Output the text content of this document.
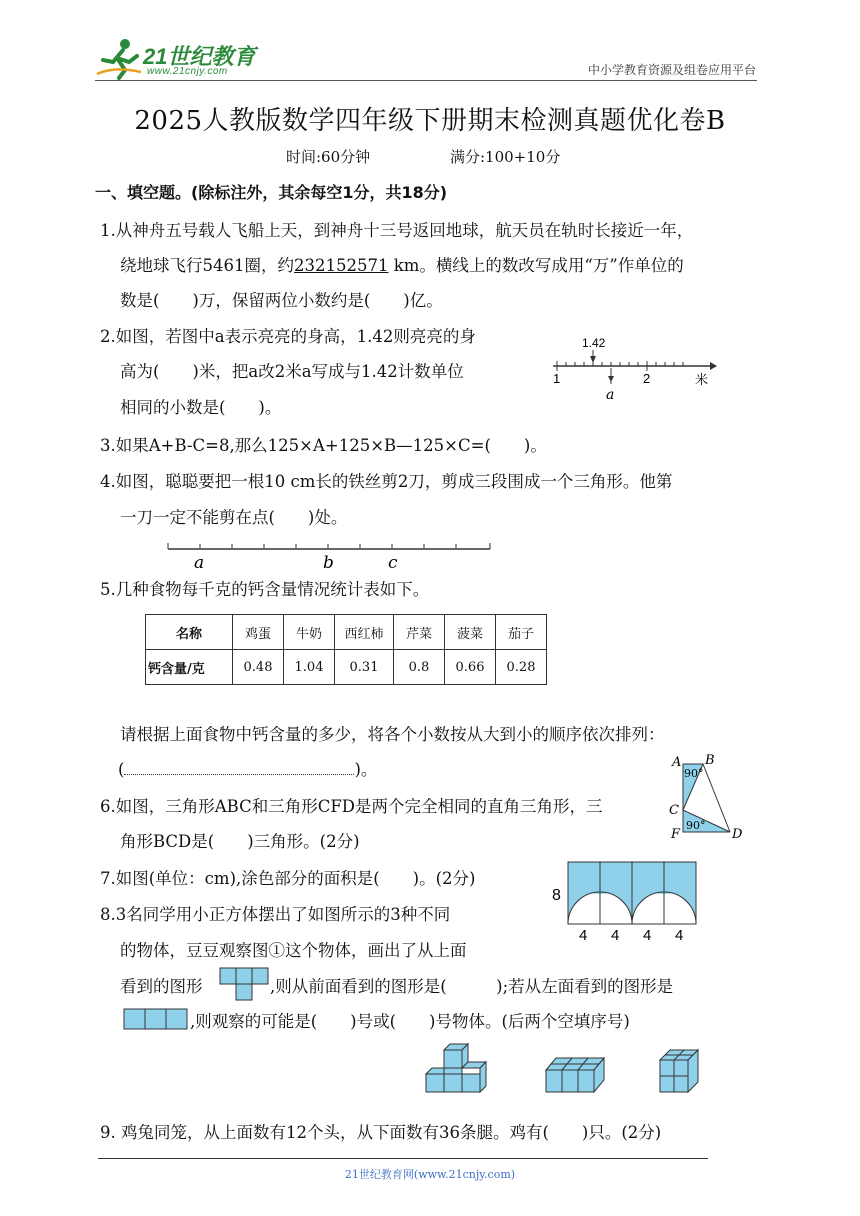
21世纪教育
www.21cnjy.com	中小学教育资源及组卷应用平台
2025人教版数学四年级下册期末检测真题优化卷B
时间:60分钟	满分:100+10分
一、填空题。(除标注外，其余每空1分，共18分)
1.从神舟五号载人飞船上天，到神舟十三号返回地球，航天员在轨时长接近一年，
绕地球飞行5461圈，约232152571 km。横线上的数改写成用“万”作单位的
数是(　　)万，保留两位小数约是(　　)亿。
2.如图，若图中a表示亮亮的身高，1.42则亮亮的身
高为(　　)米，把a改2米a写成与1.42计数单位
相同的小数是(　　)。
1.42
1	2	米
a
3.如果A+B-C=8,那么125×A+125×B—125×C=(　　)。
4.如图，聪聪要把一根10 cm长的铁丝剪2刀，剪成三段围成一个三角形。他第
一刀一定不能剪在点(　　)处。
a	b	c
5.几种食物每千克的钙含量情况统计表如下。
名称	鸡蛋	牛奶	西红柿	芹菜	菠菜	茄子
钙含量/克	0.48	1.04	0.31	0.8	0.66	0.28
请根据上面食物中钙含量的多少，将各个小数按从大到小的顺序依次排列：
(	)。
6.如图，三角形ABC和三角形CFD是两个完全相同的直角三角形，三
角形BCD是(　　)三角形。(2分)
A B
C
F	D
90°
90°
7.如图(单位：cm),涂色部分的面积是(　　)。(2分)
8
4 4 4 4
8.3名同学用小正方体摆出了如图所示的3种不同
的物体，豆豆观察图①这个物体，画出了从上面
看到的图形	,则从前面看到的图形是(　　　);若从左面看到的图形是
,则观察的可能是(　　)号或(　　)号物体。(后两个空填序号)
9. 鸡兔同笼，从上面数有12个头，从下面数有36条腿。鸡有(　　)只。(2分)
21世纪教育网(www.21cnjy.com)
